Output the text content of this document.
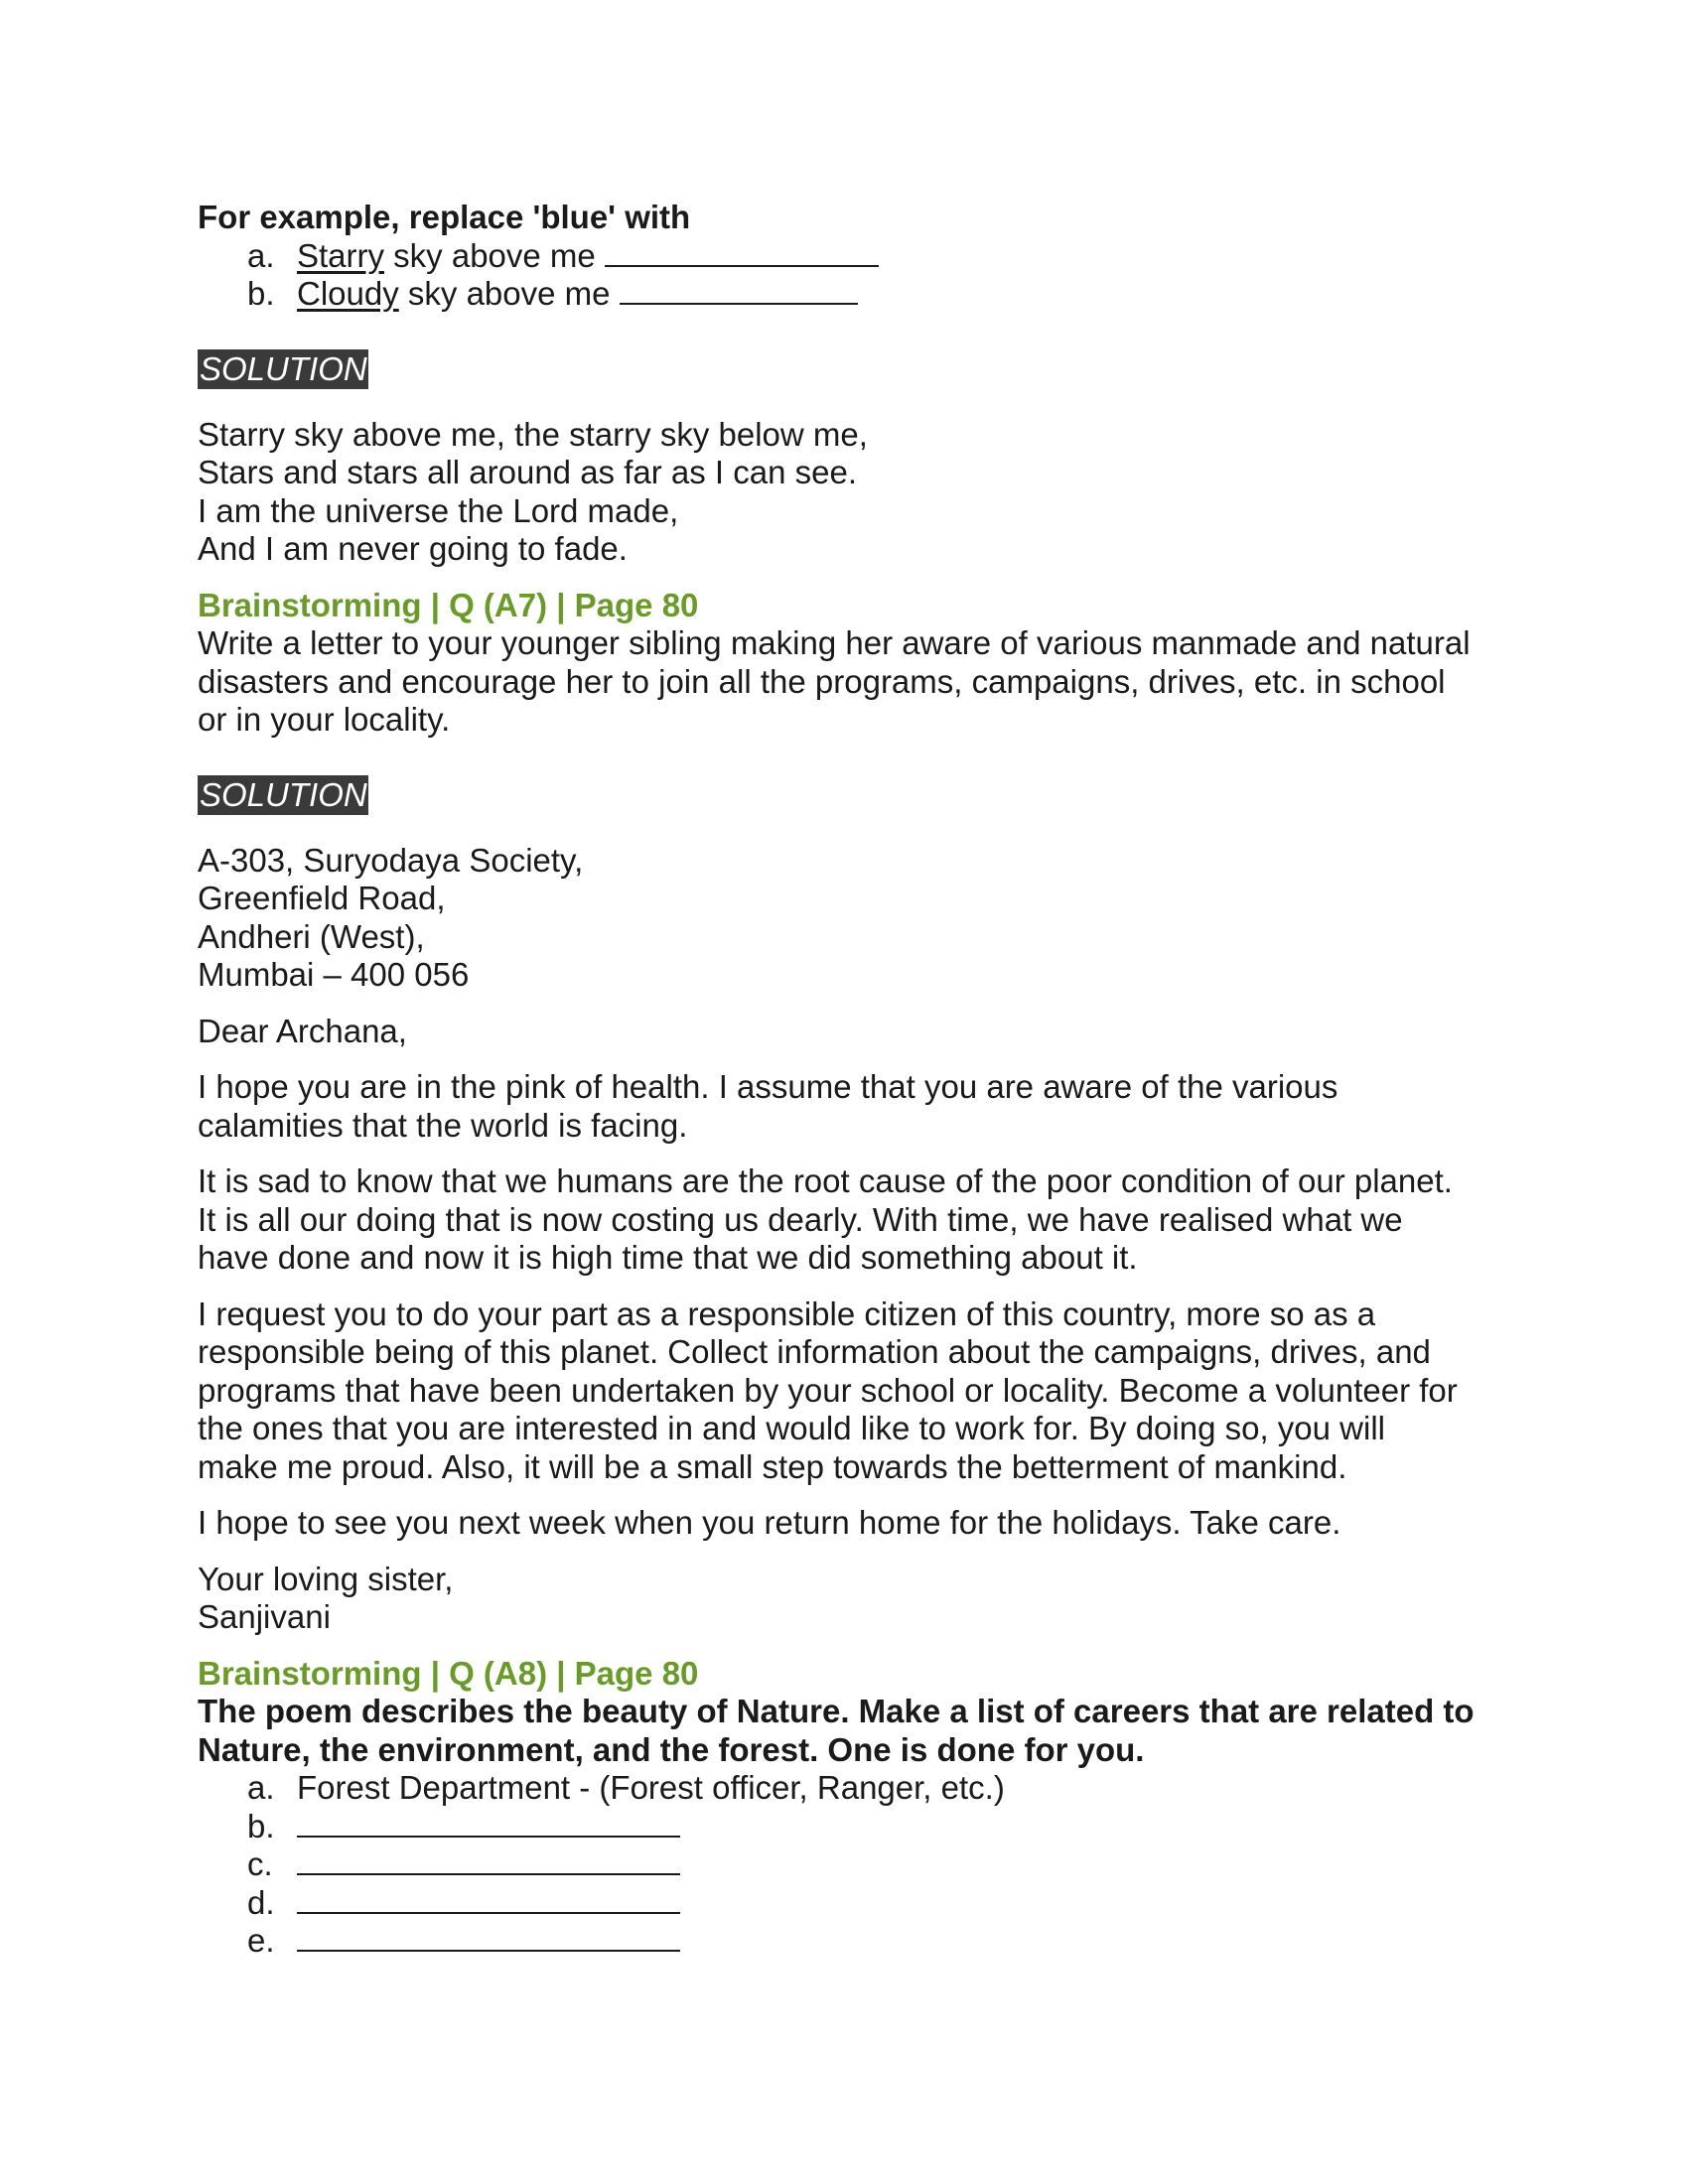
For example, replace 'blue' with

a. Starry sky above me
b. Cloudy sky above me
SOLUTION

Starry sky above me, the starry sky below me,

Stars and stars all around as far as I can see.

I am the universe the Lord made,

And I am never going to fade.

Brainstorming | Q (A7) | Page 80

Write a letter to your younger sibling making her aware of various manmade and natural

disasters and encourage her to join all the programs, campaigns, drives, etc. in school

or in your locality.

SOLUTION

A-303, Suryodaya Society,

Greenfield Road,

Andheri (West),

Mumbai – 400 056

Dear Archana,

I hope you are in the pink of health. I assume that you are aware of the various

calamities that the world is facing.

It is sad to know that we humans are the root cause of the poor condition of our planet.

It is all our doing that is now costing us dearly. With time, we have realised what we

have done and now it is high time that we did something about it.

I request you to do your part as a responsible citizen of this country, more so as a

responsible being of this planet. Collect information about the campaigns, drives, and

programs that have been undertaken by your school or locality. Become a volunteer for

the ones that you are interested in and would like to work for. By doing so, you will

make me proud. Also, it will be a small step towards the betterment of mankind.

I hope to see you next week when you return home for the holidays. Take care.

Your loving sister,

Sanjivani

Brainstorming | Q (A8) | Page 80

The poem describes the beauty of Nature. Make a list of careers that are related to

Nature, the environment, and the forest. One is done for you.

a. Forest Department - (Forest officer, Ranger, etc.)
b.
c.
d.
e.
